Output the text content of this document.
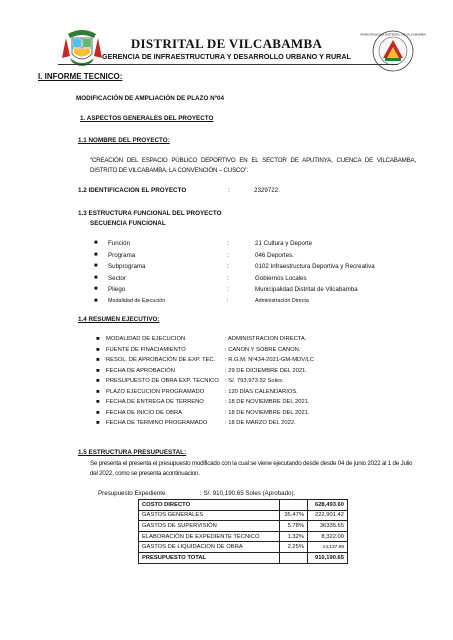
MUNICIPALIDAD DISTRITAL DE VILCABAMBA
DISTRITAL DE VILCABAMBA
GERENCIA DE INFRAESTRUCTURA Y DESARROLLO URBANO Y RURAL
I. INFORME TECNICO:
MODIFICACIÓN DE AMPLIACIÓN DE PLAZO Nº04
1. ASPECTOS GENERALES DEL PROYECTO
1.1 NOMBRE DEL PROYECTO:
“CREACIÓN DEL ESPACIO PÚBLICO DEPORTIVO EN EL SECTOR DE APUTINYA, CUENCA DE VILCABAMBA, DISTRITO DE VILCABAMBA, LA CONVENCIÓN – CUSCO”.
1.2 IDENTIFICACION EL PROYECTO	:	2329722.
1.3 ESTRUCTURA FUNCIONAL DEL PROYECTO
SECUENCIA FUNCIONAL
■ Función	:	21 Cultura y Deporte
■ Programa	:	046 Deportes.
■ Subprograma	:	0102 Infraestructura Deportiva y Recreativa
■ Sector	:	Gobiernos Locales
■ Pliego	:	Municipalidad Distrital de Vilcabamba
■ Modalidad de Ejecución	:	Administración Directa
1.4 RESUMEN EJECUTIVO:
■ MODALIDAD DE EJECUCION	: ADMINISTRACION DIRECTA.
■ FUENTE DE FINACIAMIENTO	: CANON Y SOBRE CANON.
■ RESOL. DE APROBACIÓN DE EXP. TEC. : R.G.M. Nº434-2021-GM-MDV/LC
■ FECHA DE APROBACIÓN	: 29 DE DICIEMBRE DEL 2021.
■ PRESUPUESTO DE OBRA EXP. TECNICO : S/. 793,973.32 Soles.
■ PLAZO EJECUCION PROGRAMADO	: 120 DÍAS CALENDARIOS.
■ FECHA DE ENTREGA DE TERRENO	: 18 DE NOVIEMBRE DEL 2021.
■ FECHA DE INICIO DE OBRA	: 18 DE NOVIEMBRE DEL 2021.
■ FECHA DE TERMINO PROGRAMADO	: 18 DE MARZO DEL 2022.
1.5 ESTRUCTURA PRESUPUESTAL:
Se presenta el presenta el presupuesto modificado con la cual se viene ejecutando desde desde 04 de junio 2022 al 1 de Julio del 2022, como se presenta acontinuacion.
Presupuesto Expediente	: S/. 910,190.65 Soles (Aprobado).
COSTO DIRECTO		628,493.60
GASTOS GENERALES	35.47%	222,901.42
GASTOS DE SUPERVISIÓN	5.78%	36335.65
ELABORACIÓN DE EXPEDIENTE TÉCNICO	1.32%	8,322.00
GASTOS DE LIQUIDACION DE OBRA	2.25%	14,137.98
PRESUPUESTO TOTAL		910,190.65
